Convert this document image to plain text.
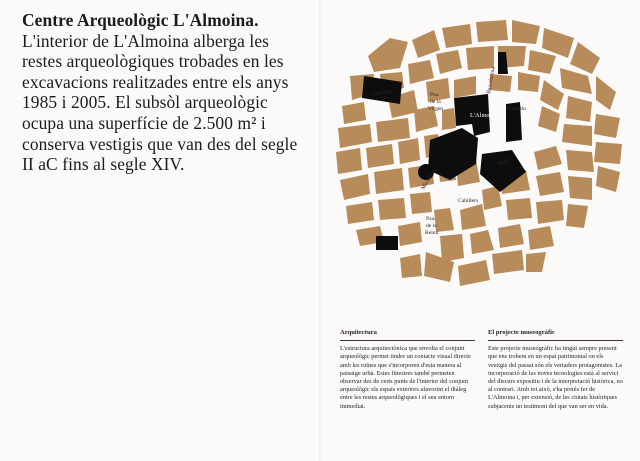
Centre Arqueològic L'Almoina.
L'interior de L'Almoina alberga les restes arqueològiques trobades en les excavacions realitzades entre els anys 1985 i 2005. El subsòl arqueològic ocupa una superfície de 2.500 m² i conserva vestigis que van des del segle II aC fins al segle XIV.
Cabillers	Barcelonina
Almudín
Pza.
de la
Virgen
L'Almoina
Micalet
Palau
Cabillers
Pza.
de la
Reina
Arquitectura

L'estructura arquitectònica que envolta el conjunt arqueològic permet tindre un contacte visual directe amb les ruïnes que s'incorporen d'esta manera al paisatge urbà. Estes finestres també permeten observar des de certs punts de l'interior del conjunt arqueològic els espais exteriors afavorint el diàleg entre les restes arqueològiques i el seu entorn immediat.

El projecte museogràfic

Este projecte museogràfic ha tingut sempre present que ens trobem en un espai patrimonial on els vestigis del passat són els vertaders protagonistes. La incorporació de les noves tecnologies està al servici del discurs expositiu i de la interpretació històrica, no al contrari. Amb tot això, s'ha pretés fer de L'Almoina i, per extensió, de les ciutats històriques subjacents un testimoni del que van ser en vida.
